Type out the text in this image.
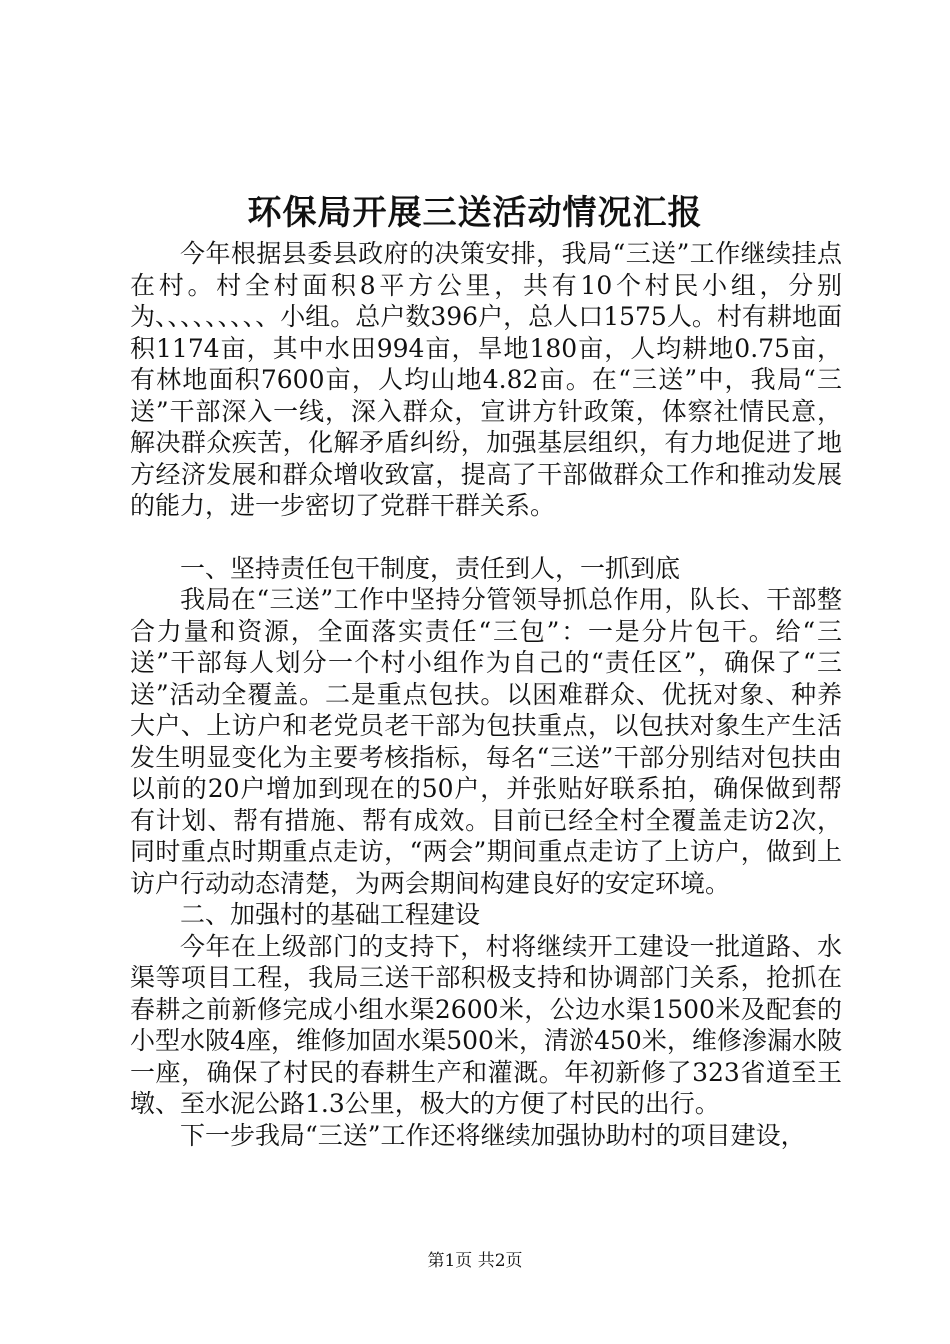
环保局开展三送活动情况汇报

今年根据县委县政府的决策安排，我局“三送”工作继续挂点在村。村全村面积8平方公里，共有10个村民小组，分别为、、、、、、、、、小组。总户数396户，总人口1575人。村有耕地面积1174亩，其中水田994亩，旱地180亩，人均耕地0.75亩，有林地面积7600亩，人均山地4.82亩。在“三送”中，我局“三送”干部深入一线，深入群众，宣讲方针政策，体察社情民意，解决群众疾苦，化解矛盾纠纷，加强基层组织，有力地促进了地方经济发展和群众增收致富，提高了干部做群众工作和推动发展的能力，进一步密切了党群干群关系。

一、坚持责任包干制度，责任到人，一抓到底

我局在“三送”工作中坚持分管领导抓总作用，队长、干部整合力量和资源，全面落实责任“三包”：一是分片包干。给“三送”干部每人划分一个村小组作为自己的“责任区”，确保了“三送”活动全覆盖。二是重点包扶。以困难群众、优抚对象、种养大户、上访户和老党员老干部为包扶重点，以包扶对象生产生活发生明显变化为主要考核指标，每名“三送”干部分别结对包扶由以前的20户增加到现在的50户，并张贴好联系拍，确保做到帮有计划、帮有措施、帮有成效。目前已经全村全覆盖走访2次，同时重点时期重点走访，“两会”期间重点走访了上访户，做到上访户行动动态清楚，为两会期间构建良好的安定环境。

二、加强村的基础工程建设

今年在上级部门的支持下，村将继续开工建设一批道路、水渠等项目工程，我局三送干部积极支持和协调部门关系，抢抓在春耕之前新修完成小组水渠2600米，公边水渠1500米及配套的小型水陂4座，维修加固水渠500米，清淤450米，维修渗漏水陂一座，确保了村民的春耕生产和灌溉。年初新修了323省道至王墩、至水泥公路1.3公里，极大的方便了村民的出行。

下一步我局“三送”工作还将继续加强协助村的项目建设，

第1页 共2页
